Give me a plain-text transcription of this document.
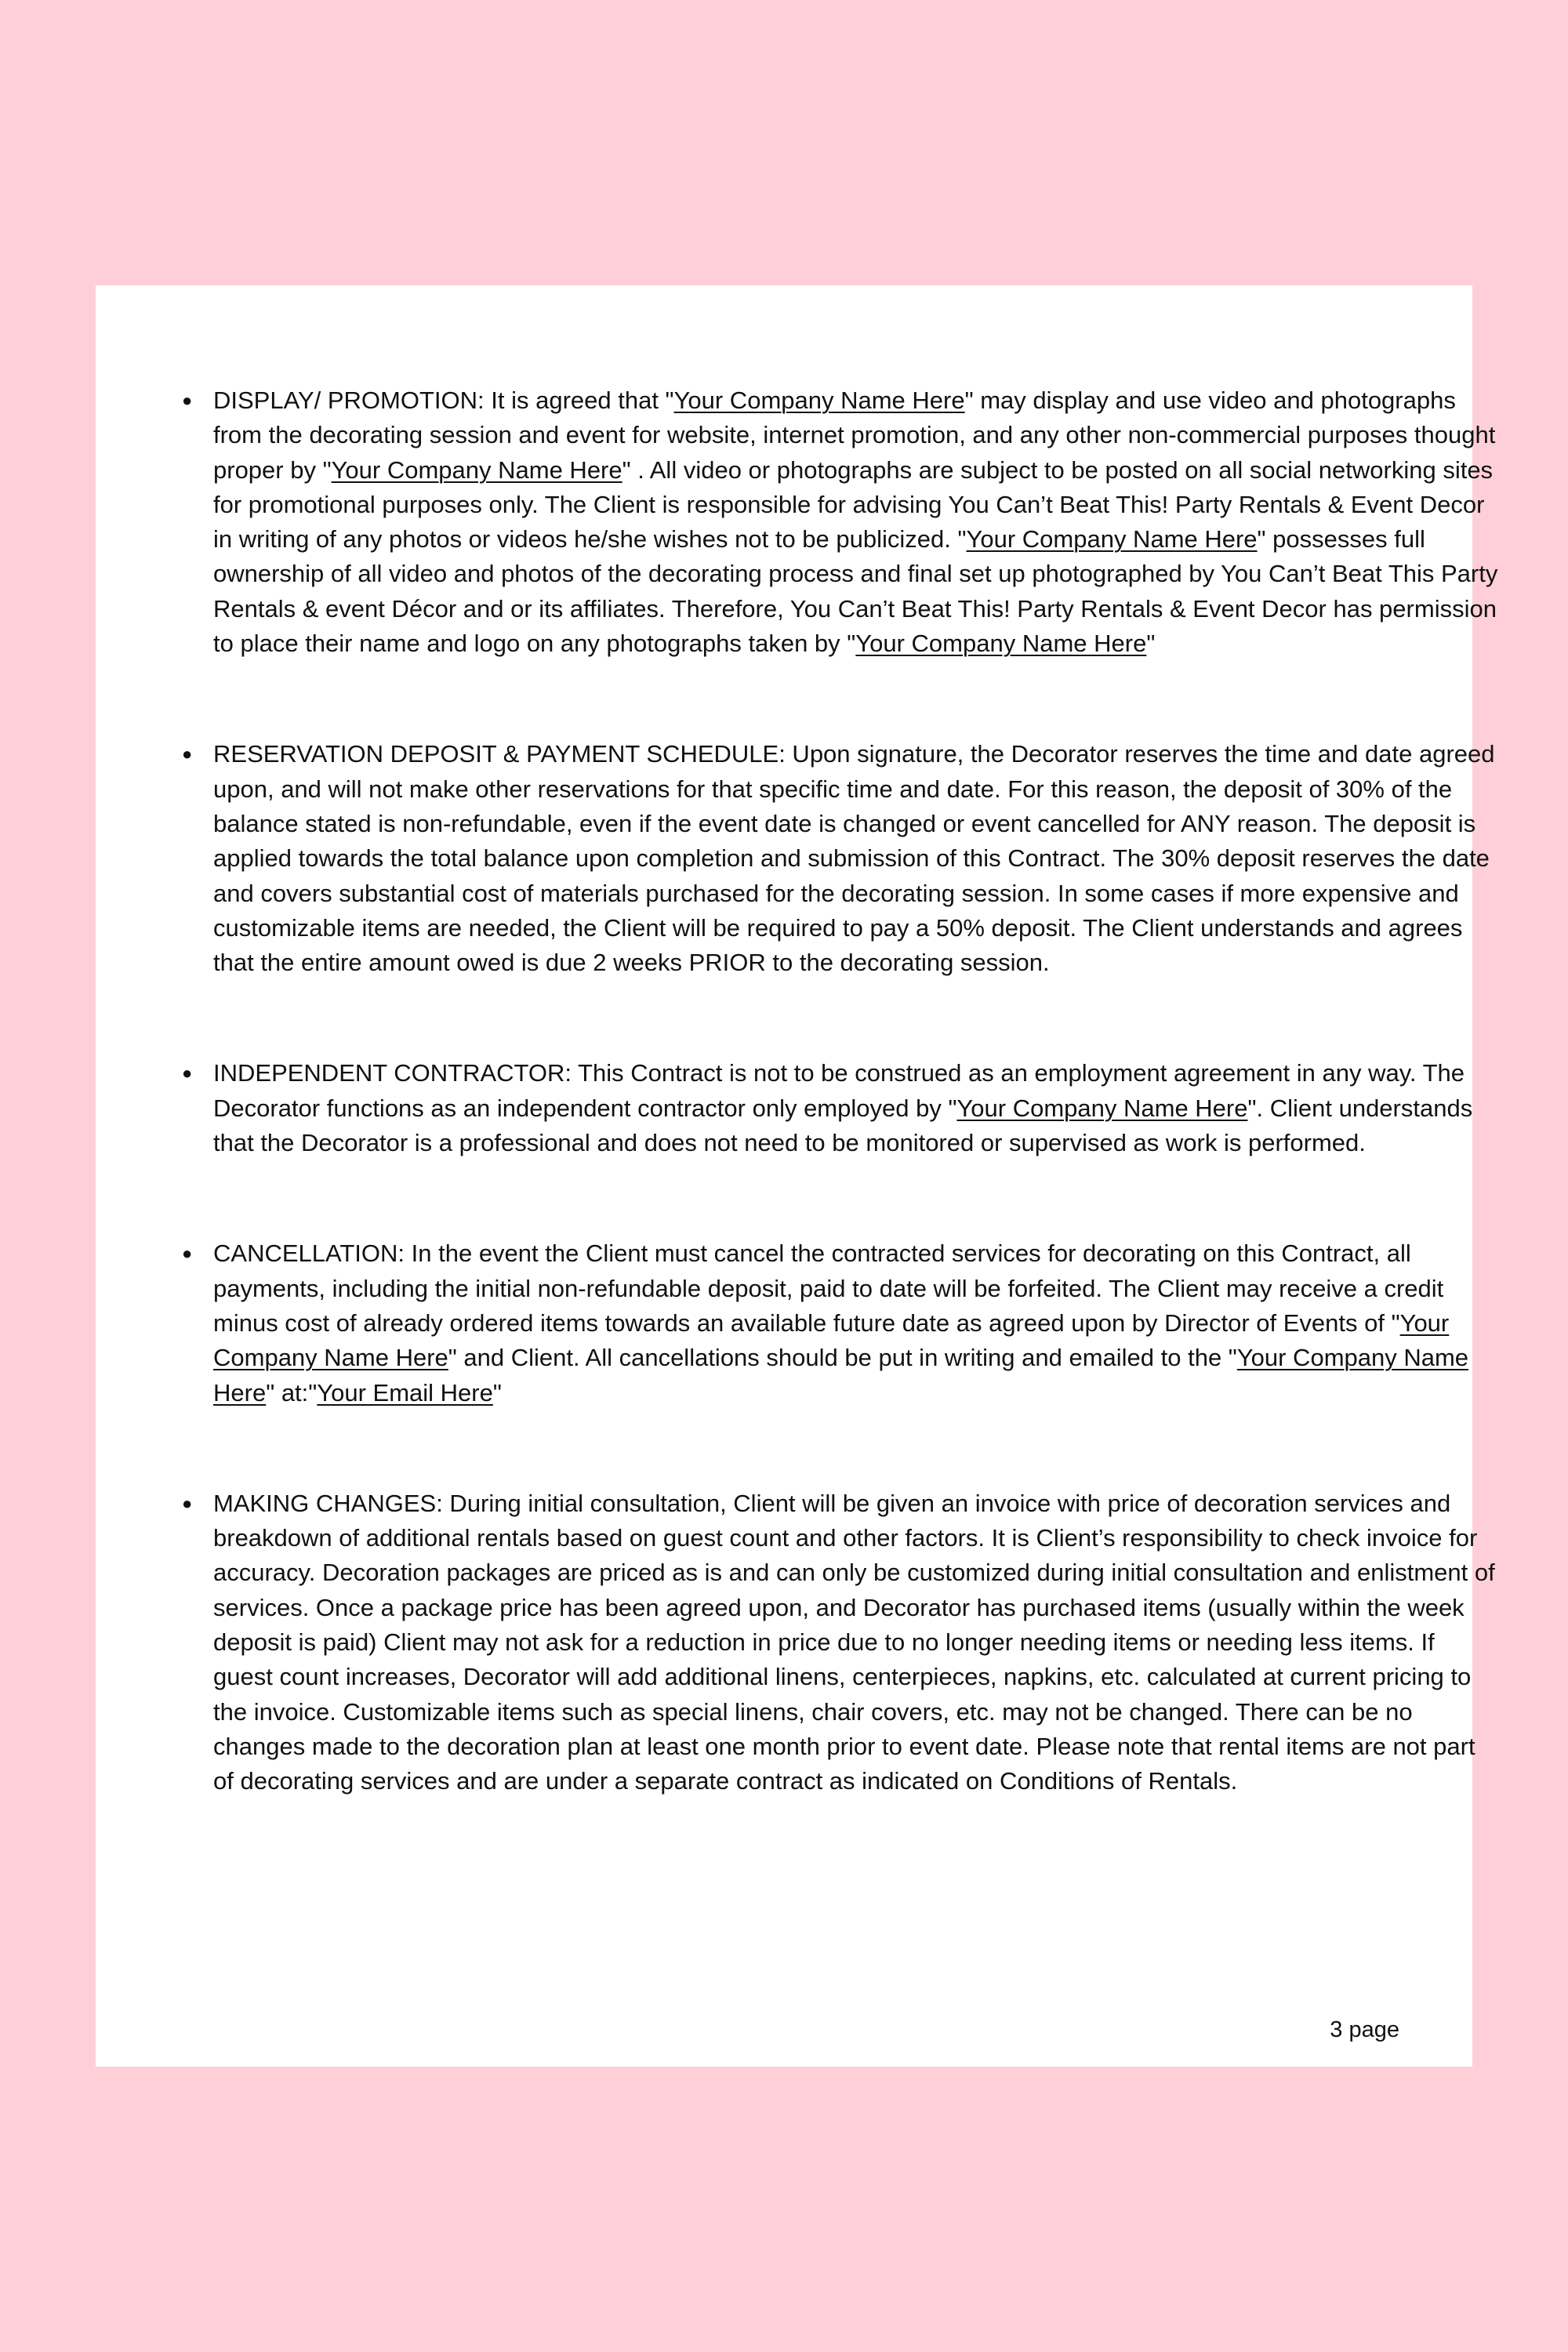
● DISPLAY/ PROMOTION: It is agreed that "Your Company Name Here" may display and use video and photographs from the decorating session and event for website, internet promotion, and any other non-commercial purposes thought proper by "Your Company Name Here" . All video or photographs are subject to be posted on all social networking sites for promotional purposes only. The Client is responsible for advising You Can’t Beat This! Party Rentals & Event Decor in writing of any photos or videos he/she wishes not to be publicized. "Your Company Name Here" possesses full ownership of all video and photos of the decorating process and final set up photographed by You Can’t Beat This Party Rentals & event Décor and or its affiliates. Therefore, You Can’t Beat This! Party Rentals & Event Decor has permission to place their name and logo on any photographs taken by "Your Company Name Here"
● RESERVATION DEPOSIT & PAYMENT SCHEDULE: Upon signature, the Decorator reserves the time and date agreed upon, and will not make other reservations for that specific time and date. For this reason, the deposit of 30% of the balance stated is non-refundable, even if the event date is changed or event cancelled for ANY reason. The deposit is applied towards the total balance upon completion and submission of this Contract. The 30% deposit reserves the date and covers substantial cost of materials purchased for the decorating session. In some cases if more expensive and customizable items are needed, the Client will be required to pay a 50% deposit. The Client understands and agrees that the entire amount owed is due 2 weeks PRIOR to the decorating session.
● INDEPENDENT CONTRACTOR: This Contract is not to be construed as an employment agreement in any way. The Decorator functions as an independent contractor only employed by "Your Company Name Here". Client understands that the Decorator is a professional and does not need to be monitored or supervised as work is performed.
● CANCELLATION: In the event the Client must cancel the contracted services for decorating on this Contract, all payments, including the initial non-refundable deposit, paid to date will be forfeited. The Client may receive a credit minus cost of already ordered items towards an available future date as agreed upon by Director of Events of "Your Company Name Here" and Client. All cancellations should be put in writing and emailed to the "Your Company Name Here" at:"Your Email Here"
● MAKING CHANGES: During initial consultation, Client will be given an invoice with price of decoration services and breakdown of additional rentals based on guest count and other factors. It is Client’s responsibility to check invoice for accuracy. Decoration packages are priced as is and can only be customized during initial consultation and enlistment of services. Once a package price has been agreed upon, and Decorator has purchased items (usually within the week deposit is paid) Client may not ask for a reduction in price due to no longer needing items or needing less items. If guest count increases, Decorator will add additional linens, centerpieces, napkins, etc. calculated at current pricing to the invoice. Customizable items such as special linens, chair covers, etc. may not be changed. There can be no changes made to the decoration plan at least one month prior to event date. Please note that rental items are not part of decorating services and are under a separate contract as indicated on Conditions of Rentals.
3 page
